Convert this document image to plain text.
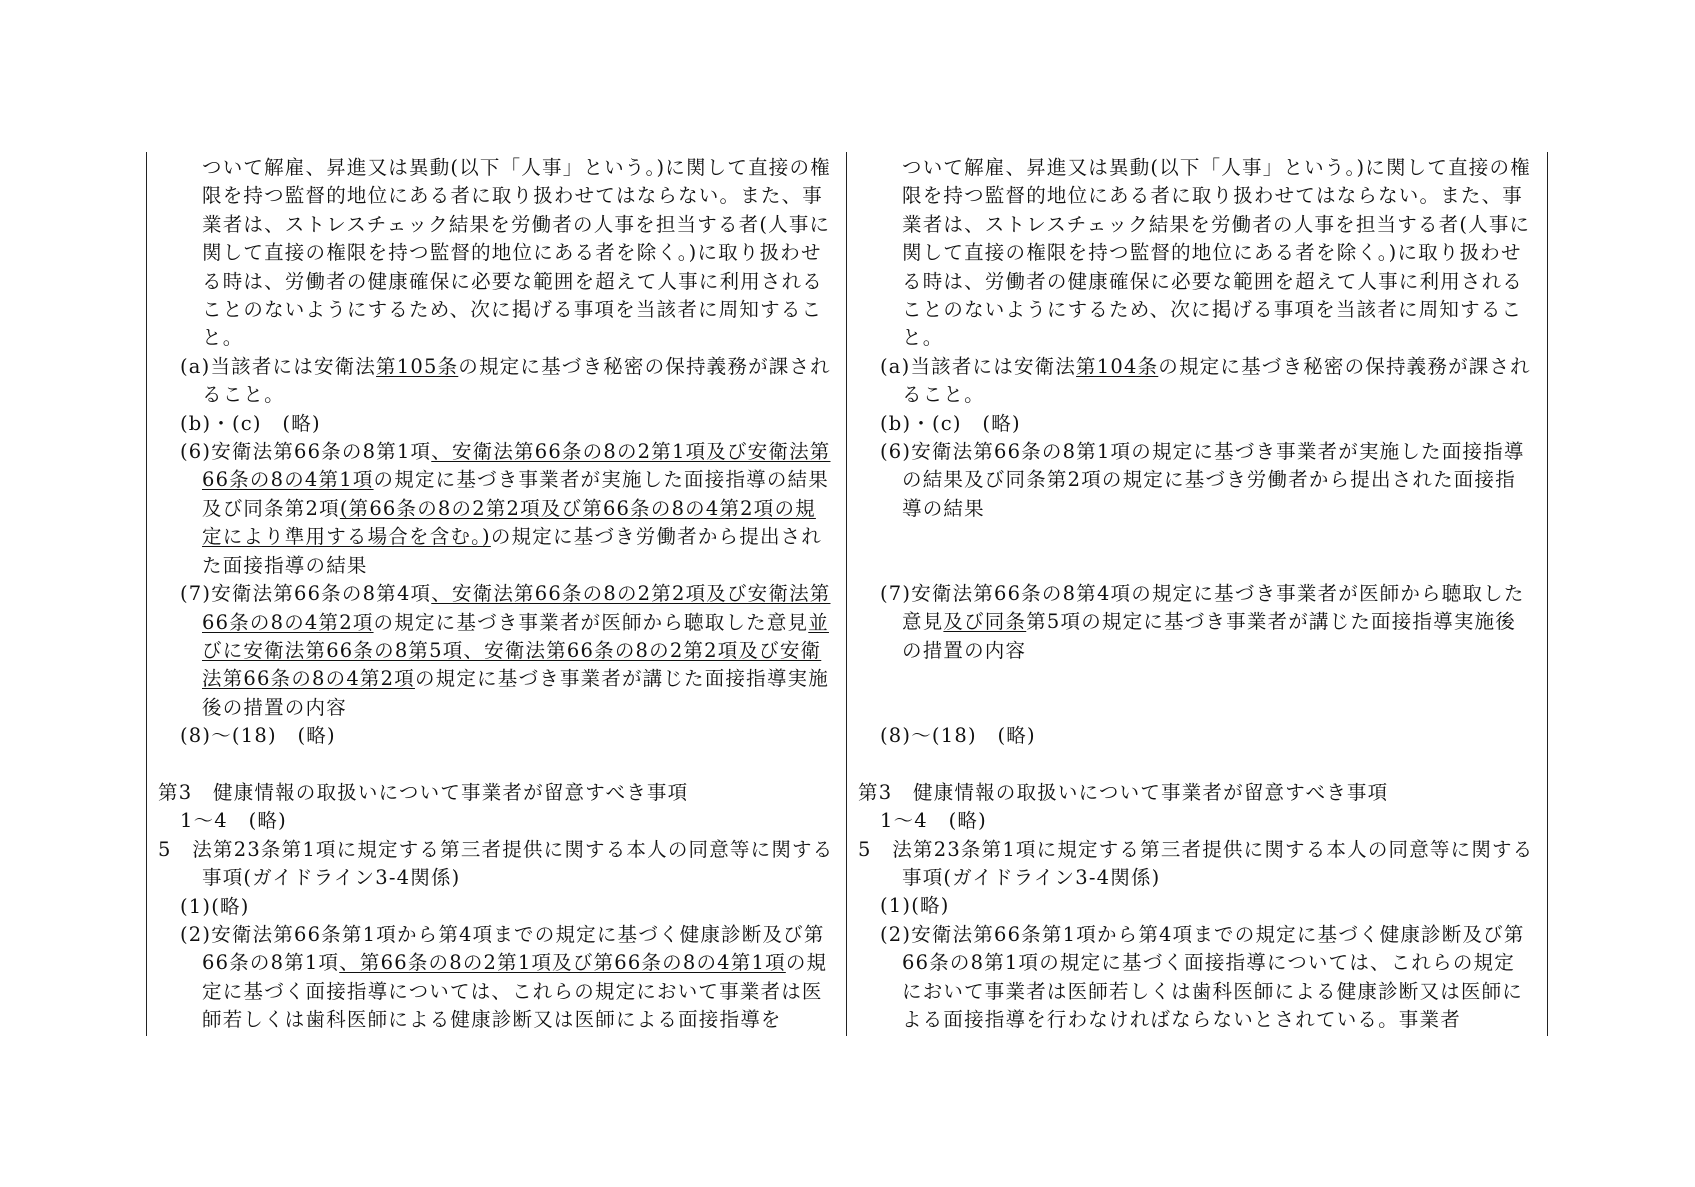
ついて解雇、昇進又は異動(以下「人事」という。)に関して直接の権限を持つ監督的地位にある者に取り扱わせてはならない。また、事業者は、ストレスチェック結果を労働者の人事を担当する者(人事に関して直接の権限を持つ監督的地位にある者を除く。)に取り扱わせる時は、労働者の健康確保に必要な範囲を超えて人事に利用されることのないようにするため、次に掲げる事項を当該者に周知すること。

(a)当該者には安衛法第105条の規定に基づき秘密の保持義務が課されること。

(b)・(c)　(略)

(6)安衛法第66条の8第1項、安衛法第66条の8の2第1項及び安衛法第66条の8の4第1項の規定に基づき事業者が実施した面接指導の結果及び同条第2項(第66条の8の2第2項及び第66条の8の4第2項の規定により準用する場合を含む。)の規定に基づき労働者から提出された面接指導の結果

(7)安衛法第66条の8第4項、安衛法第66条の8の2第2項及び安衛法第66条の8の4第2項の規定に基づき事業者が医師から聴取した意見並びに安衛法第66条の8第5項、安衛法第66条の8の2第2項及び安衛法第66条の8の4第2項の規定に基づき事業者が講じた面接指導実施後の措置の内容

(8)～(18)　(略)

第3　健康情報の取扱いについて事業者が留意すべき事項

1～4　(略)

5　法第23条第1項に規定する第三者提供に関する本人の同意等に関する事項(ガイドライン3-4関係)

(1)(略)

(2)安衛法第66条第1項から第4項までの規定に基づく健康診断及び第66条の8第1項、第66条の8の2第1項及び第66条の8の4第1項の規定に基づく面接指導については、これらの規定において事業者は医師若しくは歯科医師による健康診断又は医師による面接指導を

ついて解雇、昇進又は異動(以下「人事」という。)に関して直接の権限を持つ監督的地位にある者に取り扱わせてはならない。また、事業者は、ストレスチェック結果を労働者の人事を担当する者(人事に関して直接の権限を持つ監督的地位にある者を除く。)に取り扱わせる時は、労働者の健康確保に必要な範囲を超えて人事に利用されることのないようにするため、次に掲げる事項を当該者に周知すること。

(a)当該者には安衛法第104条の規定に基づき秘密の保持義務が課されること。

(b)・(c)　(略)

(6)安衛法第66条の8第1項の規定に基づき事業者が実施した面接指導の結果及び同条第2項の規定に基づき労働者から提出された面接指導の結果

(7)安衛法第66条の8第4項の規定に基づき事業者が医師から聴取した意見及び同条第5項の規定に基づき事業者が講じた面接指導実施後の措置の内容

(8)～(18)　(略)

第3　健康情報の取扱いについて事業者が留意すべき事項

1～4　(略)

5　法第23条第1項に規定する第三者提供に関する本人の同意等に関する事項(ガイドライン3-4関係)

(1)(略)

(2)安衛法第66条第1項から第4項までの規定に基づく健康診断及び第66条の8第1項の規定に基づく面接指導については、これらの規定において事業者は医師若しくは歯科医師による健康診断又は医師による面接指導を行わなければならないとされている。事業者
